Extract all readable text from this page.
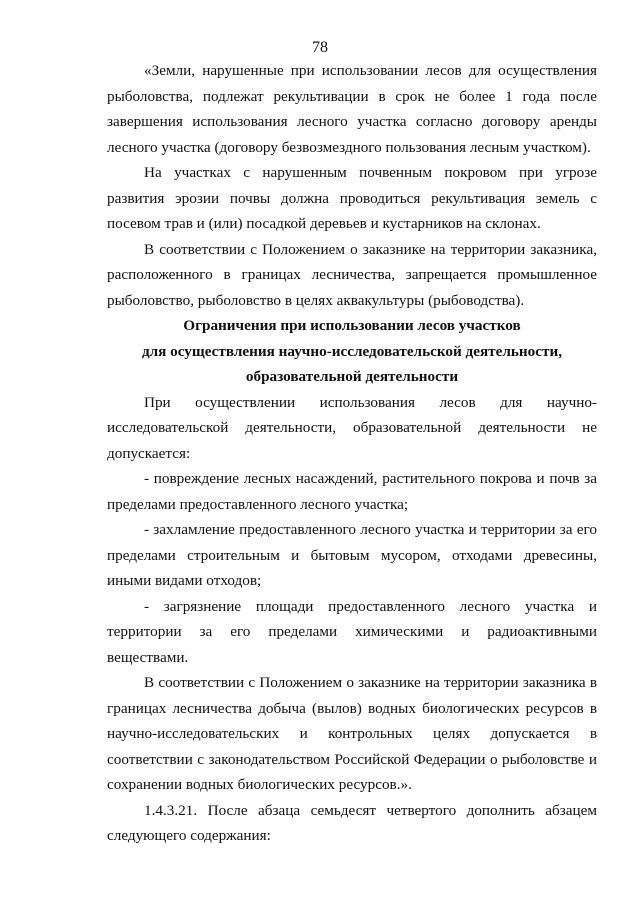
78

«Земли, нарушенные при использовании лесов для осуществления рыболовства, подлежат рекультивации в срок не более 1 года после завершения использования лесного участка согласно договору аренды лесного участка (договору безвозмездного пользования лесным участком).

На участках с нарушенным почвенным покровом при угрозе развития эрозии почвы должна проводиться рекультивация земель с посевом трав и (или) посадкой деревьев и кустарников на склонах.

В соответствии с Положением о заказнике на территории заказника, расположенного в границах лесничества, запрещается промышленное рыболовство, рыболовство в целях аквакультуры (рыбоводства).

Ограничения при использовании лесов участков

для осуществления научно-исследовательской деятельности,

образовательной деятельности

При осуществлении использования лесов для научно-исследовательской деятельности, образовательной деятельности не допускается:

- повреждение лесных насаждений, растительного покрова и почв за пределами предоставленного лесного участка;

- захламление предоставленного лесного участка и территории за его пределами строительным и бытовым мусором, отходами древесины, иными видами отходов;

- загрязнение площади предоставленного лесного участка и территории за его пределами химическими и радиоактивными веществами.

В соответствии с Положением о заказнике на территории заказника в границах лесничества добыча (вылов) водных биологических ресурсов в научно-исследовательских и контрольных целях допускается в соответствии с законодательством Российской Федерации о рыболовстве и сохранении водных биологических ресурсов.».

1.4.3.21. После абзаца семьдесят четвертого дополнить абзацем следующего содержания:
